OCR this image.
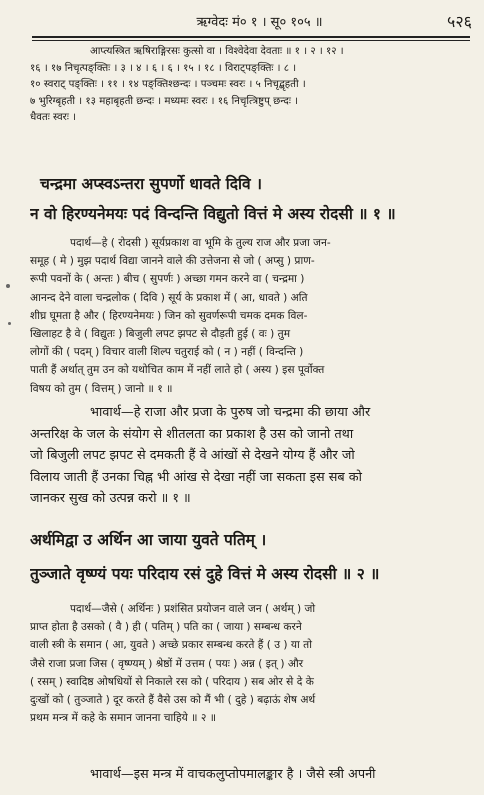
ऋग्वेदः मं० १ । सू० १०५ ॥	५२६
आप्त्यस्त्रित ऋषिराङ्गिरसः कुत्सो वा । विश्वेदेवा देवताः ॥ १ । २ । १२ ।
१६ । १७ निचृत्पङ्क्तिः । ३ । ४ । ६ । ६ । १५ । १८ । विराट्पङ्क्तिः । ८ ।
१० स्वराट् पङ्क्तिः । ११ । १४ पङ्क्तिश्छन्दः । पञ्चमः स्वरः । ५ निचृद्बृहती ।
७ भुरिग्बृहती । १३ महाबृहती छन्दः । मध्यमः स्वरः । १६ निचृत्त्रिष्टुप् छन्दः ।
धैवतः स्वरः ।
चन्द्रमा अप्स्वऽन्तरा सुपर्णो धावते दिवि ।
न वो हिरण्यनेमयः पदं विन्दन्ति विद्युतो वित्तं मे अस्य रोदसी ॥ १ ॥
पदार्थ—हे ( रोदसी ) सूर्यप्रकाश वा भूमि के तुल्य राज और प्रजा जन-
समूह ( मे ) मुझ पदार्थ विद्या जानने वाले की उत्तेजना से जो ( अप्सु ) प्राण-
रूपी पवनों के ( अन्तः ) बीच ( सुपर्णः ) अच्छा गमन करने वा ( चन्द्रमा )
आनन्द देने वाला चन्द्रलोक ( दिवि ) सूर्य के प्रकाश में ( आ, धावते ) अति
शीघ्र घूमता है और ( हिरण्यनेमयः ) जिन को सुवर्णरूपी चमक दमक विल-
खिलाहट है वे ( विद्युतः ) बिजुली लपट झपट से दौड़ती हुई ( वः ) तुम
लोगों की ( पदम् ) विचार वाली शिल्प चतुराई को ( न ) नहीं ( विन्दन्ति )
पाती हैं अर्थात् तुम उन को यथोचित काम में नहीं लाते हो ( अस्य ) इस पूर्वोक्त
विषय को तुम ( वित्तम् ) जानो ॥ १ ॥
भावार्थ—हे राजा और प्रजा के पुरुष जो चन्द्रमा की छाया और
अन्तरिक्ष के जल के संयोग से शीतलता का प्रकाश है उस को जानो तथा
जो बिजुली लपट झपट से दमकती हैं वे आंखों से देखने योग्य हैं और जो
विलाय जाती हैं उनका चिह्न भी आंख से देखा नहीं जा सकता इस सब को
जानकर सुख को उत्पन्न करो ॥ १ ॥
अर्थमिद्वा उ अर्थिन आ जाया युवते पतिम् ।
तुञ्जाते वृष्ण्यं पयः परिदाय रसं दुहे वित्तं मे अस्य रोदसी ॥ २ ॥
पदार्थ—जैसे ( अर्थिनः ) प्रशंसित प्रयोजन वाले जन ( अर्थम् ) जो
प्राप्त होता है उसको ( वै ) ही ( पतिम् ) पति का ( जाया ) सम्बन्ध करने
वाली स्त्री के समान ( आ, युवते ) अच्छे प्रकार सम्बन्ध करते हैं ( उ ) या तो
जैसे राजा प्रजा जिस ( वृष्ण्यम् ) श्रेष्ठों में उत्तम ( पयः ) अन्न ( इत् ) और
( रसम् ) स्वादिष्ठ ओषधियों से निकाले रस को ( परिदाय ) सब ओर से दे के
दुःखों को ( तुञ्जाते ) दूर करते हैं वैसे उस को मैं भी ( दुहे ) बढ़ाऊं शेष अर्थ
प्रथम मन्त्र में कहे के समान जानना चाहिये ॥ २ ॥
भावार्थ—इस मन्त्र में वाचकलुप्तोपमालङ्कार है । जैसे स्त्री अपनी
